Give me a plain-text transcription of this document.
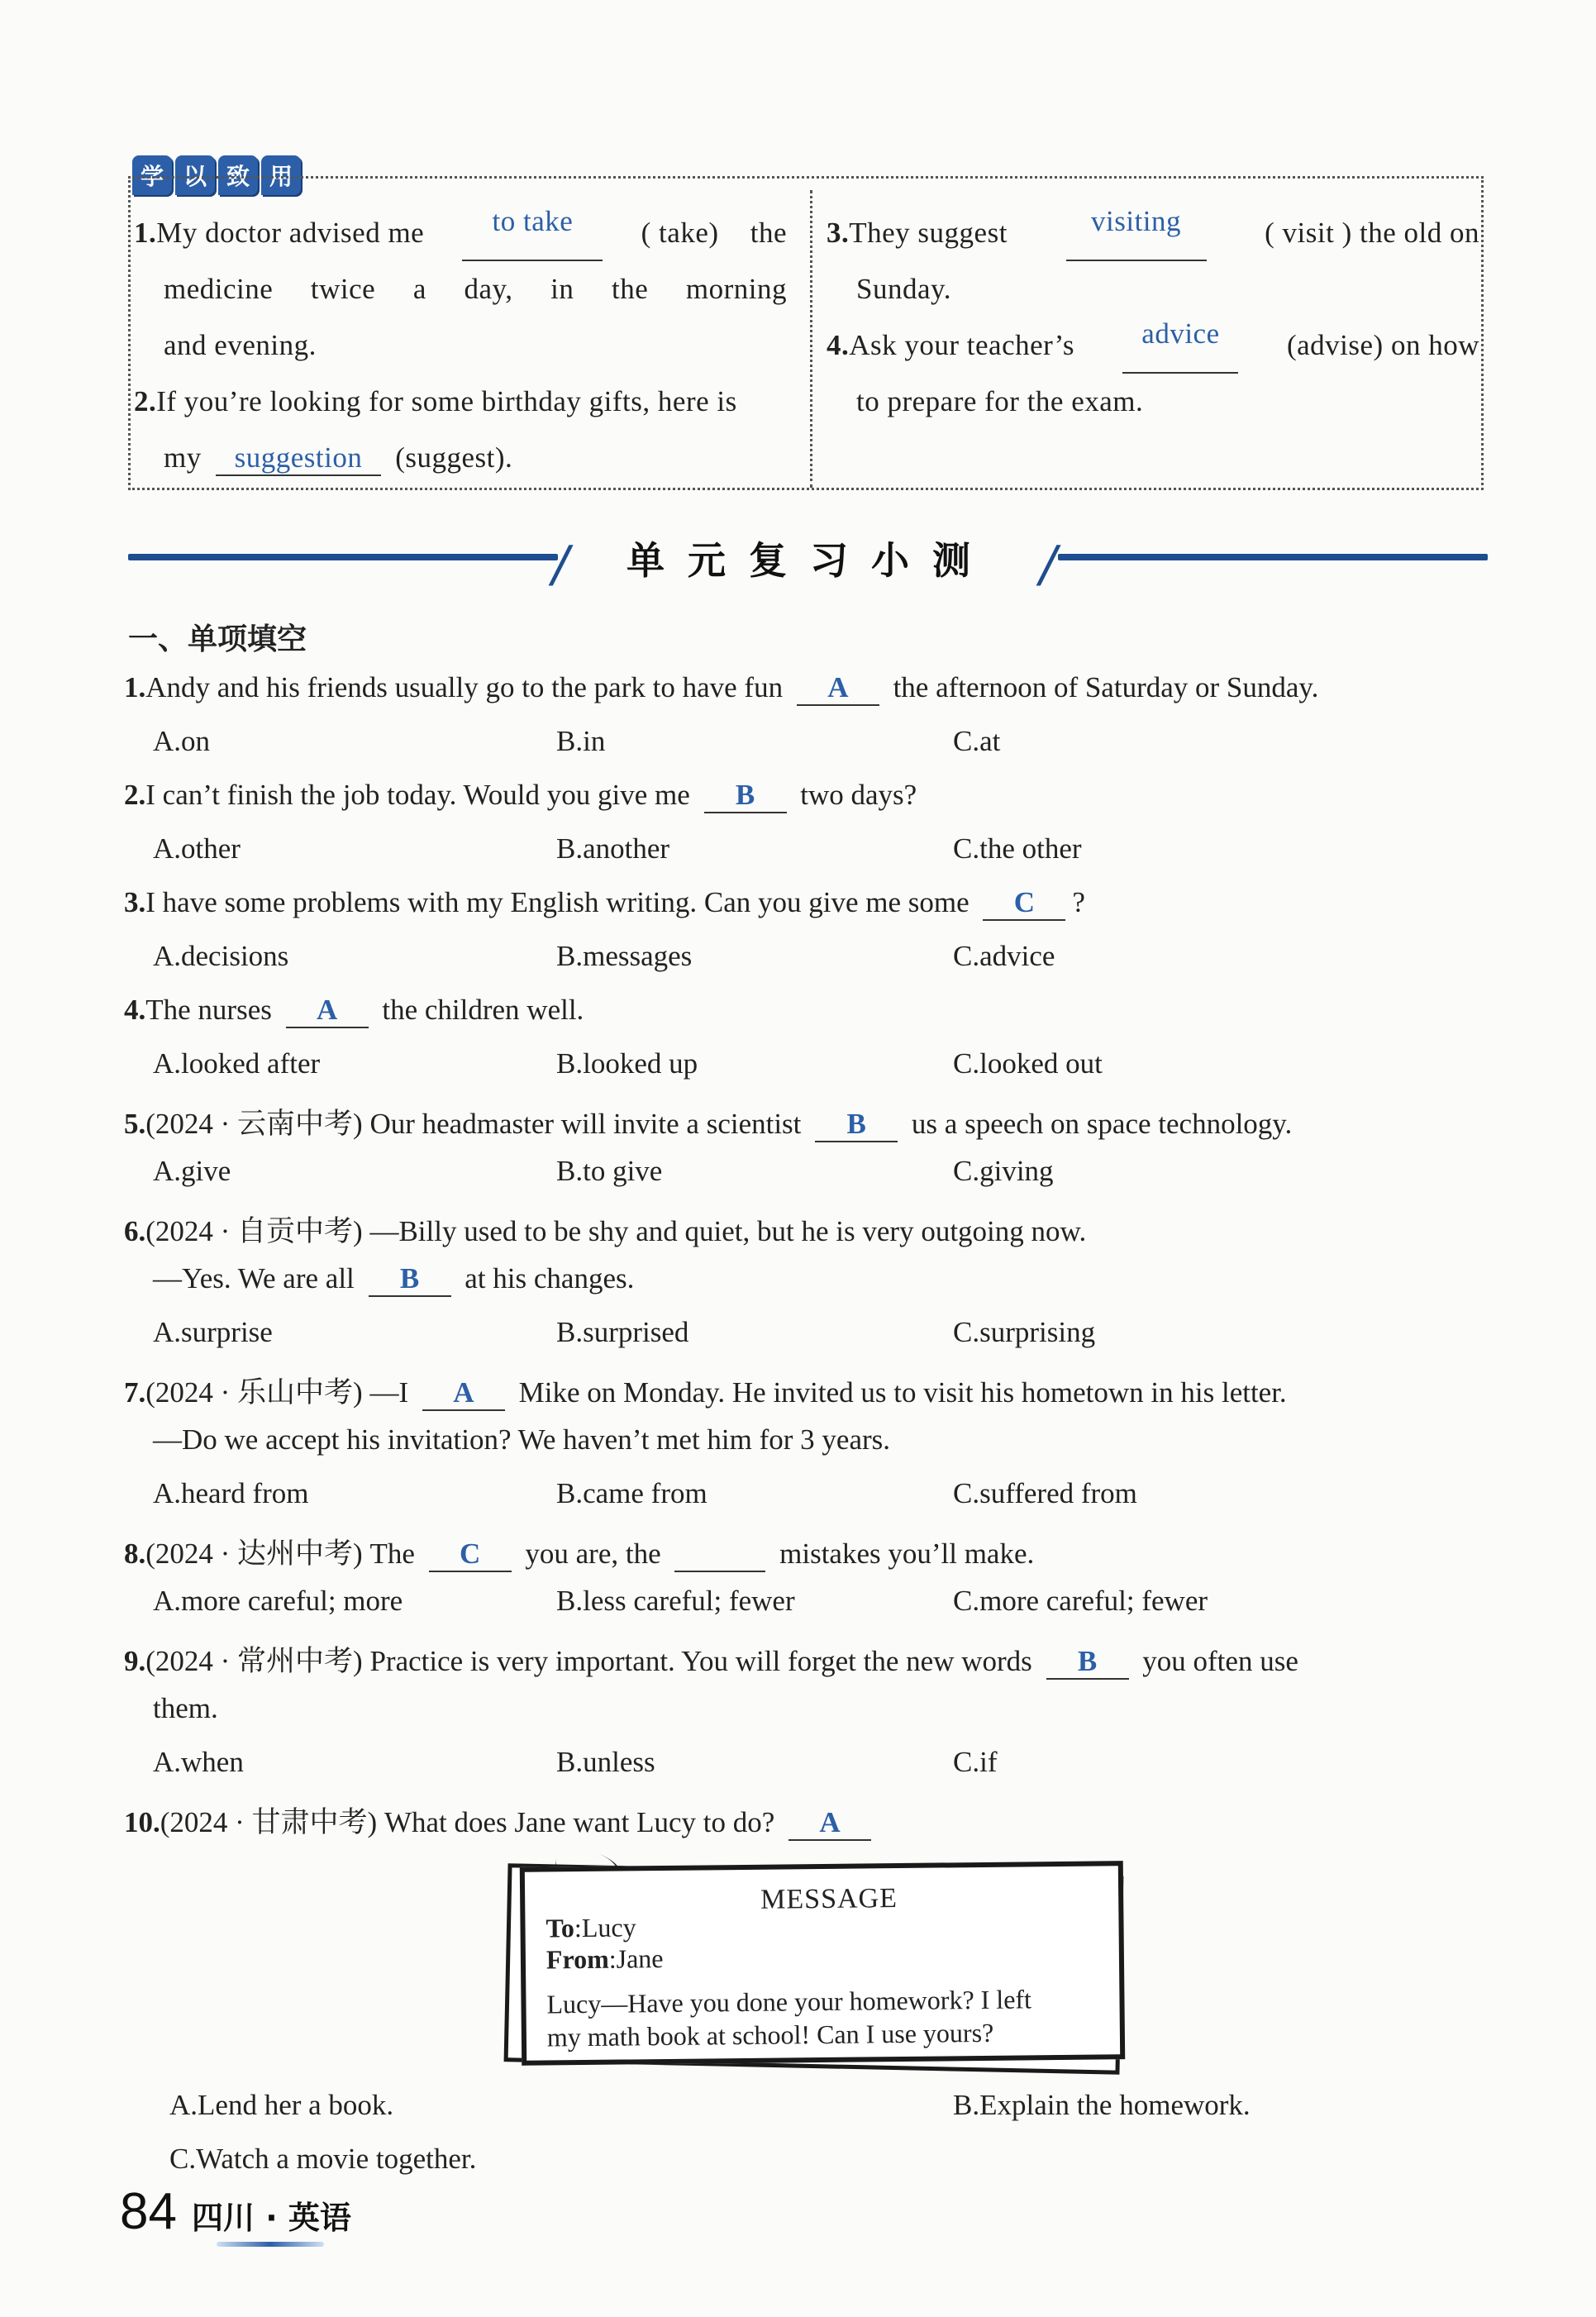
学 以 致 用
1.My doctor advised me	to take	( take) the
medicine twice a day, in the morning
and evening.
2.If you’re looking for some birthday gifts, here is
my suggestion (suggest).
3.They suggest	visiting	( visit ) the old on
Sunday.
4.Ask your teacher’s	advice	(advise) on how
to prepare for the exam.
/	单元复习小测 /
一、单项填空
1.Andy and his friends usually go to the park to have fun A the afternoon of Saturday or Sunday.
A.on	B.in	C.at
2.I can’t finish the job today. Would you give me B two days?
A.other	B.another	C.the other
3.I have some problems with my English writing. Can you give me some C ?
A.decisions	B.messages	C.advice
4.The nurses A the children well.
A.looked after	B.looked up	C.looked out
5.(2024 · 云南中考) Our headmaster will invite a scientist B us a speech on space technology.
A.give	B.to give	C.giving
6.(2024 · 自贡中考) —Billy used to be shy and quiet, but he is very outgoing now.
—Yes. We are all B at his changes.
A.surprise	B.surprised	C.surprising
7.(2024 · 乐山中考) —I A Mike on Monday. He invited us to visit his hometown in his letter.
—Do we accept his invitation? We haven’t met him for 3 years.
A.heard from	B.came from	C.suffered from
8.(2024 · 达州中考) The C you are, the	mistakes you’ll make.
A.more careful; more	B.less careful; fewer	C.more careful; fewer
9.(2024 · 常州中考) Practice is very important. You will forget the new words B you often use
them.
A.when	B.unless	C.if
10.(2024 · 甘肃中考) What does Jane want Lucy to do? A
MESSAGE
To:Lucy
From:Jane
Lucy—Have you done your homework? I left
my math book at school! Can I use yours?
A.Lend her a book.	B.Explain the homework.
C.Watch a movie together.
84 四川 · 英语
